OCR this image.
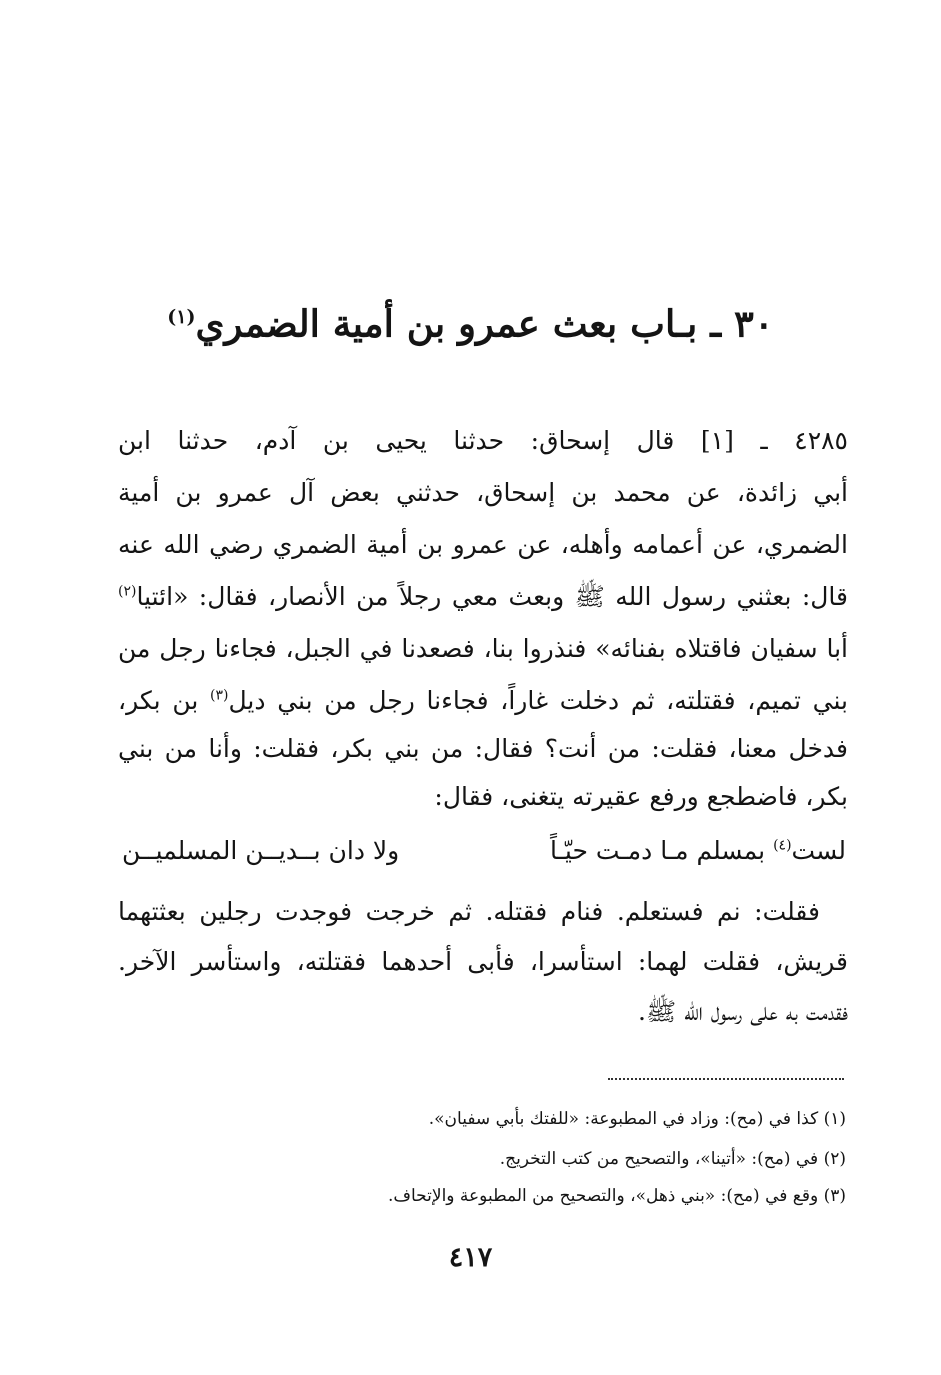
٣٠ ـ بـاب بعث عمرو بن أمية الضمري$^{(١)}$
٤٢٨٥ ـ [١] قال إسحاق: حدثنا يحيى بن آدم، حدثنا ابن
أبي زائدة، عن محمد بن إسحاق، حدثني بعض آل عمرو بن أمية
الضمري، عن أعمامه وأهله، عن عمرو بن أمية الضمري رضي الله عنه
قال: بعثني رسول الله ﷺ وبعث معي رجلاً من الأنصار، فقال: «ائتيا$^{(٢)}$
أبا سفيان فاقتلاه بفنائه» فنذروا بنا، فصعدنا في الجبل، فجاءنا رجل من
بني تميم، فقتلته، ثم دخلت غاراً، فجاءنا رجل من بني ديل$^{(٣)}$ بن بكر،
فدخل معنا، فقلت: من أنت؟ فقال: من بني بكر، فقلت: وأنا من بني
بكر، فاضطجع ورفع عقيرته يتغنى، فقال:
لست$^{(٤)}$ بمسلم مـا دمـت حيّـاً
ولا دان بــديــن المسلميــن
فقلت: نم فستعلم. فنام فقتله. ثم خرجت فوجدت رجلين بعثتهما
قريش، فقلت لهما: استأسرا، فأبى أحدهما فقتلته، واستأسر الآخر.
فقدمت به على رسول الله ﷺ.
(١) كذا في (مح): وزاد في المطبوعة: «للفتك بأبي سفيان».
(٢) في (مح): «أتينا»، والتصحيح من كتب التخريج.
(٣) وقع في (مح): «بني ذهل»، والتصحيح من المطبوعة والإتحاف.
٤١٧
